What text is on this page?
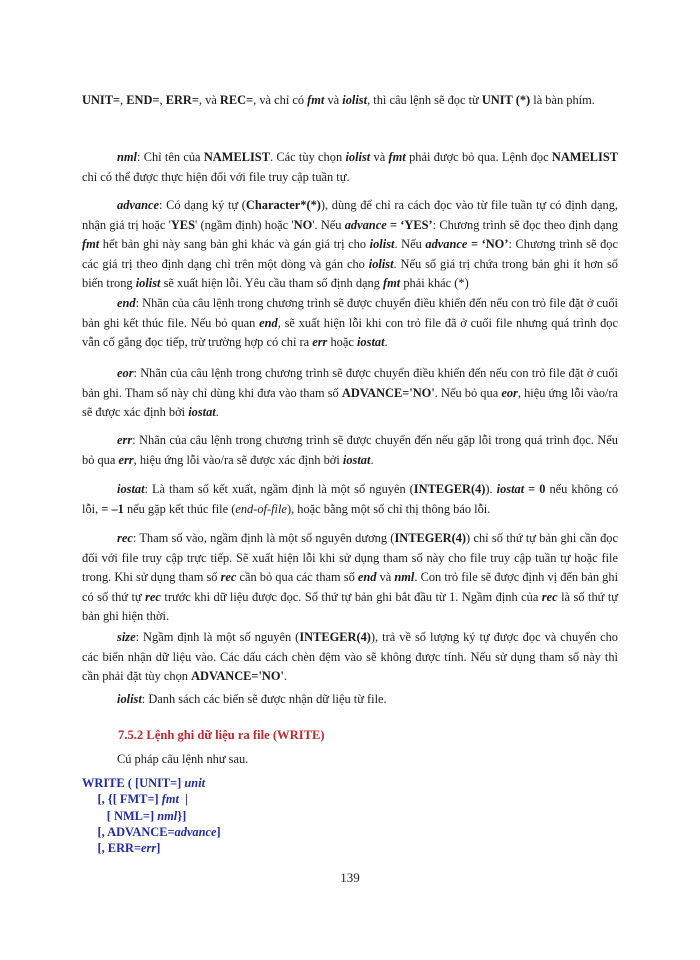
UNIT=, END=, ERR=, và REC=, và chỉ có fmt và iolist, thì câu lệnh sẽ đọc từ UNIT (*) là bàn phím.

nml: Chỉ tên của NAMELIST. Các tùy chọn iolist và fmt phải được bỏ qua. Lệnh đọc NAMELIST chỉ có thể được thực hiện đối với file truy cập tuần tự.

advance: Có dạng ký tự (Character*(*)), dùng để chỉ ra cách đọc vào từ file tuần tự có định dạng, nhận giá trị hoặc 'YES' (ngầm định) hoặc 'NO'. Nếu advance = ‘YES’: Chương trình sẽ đọc theo định dạng fmt hết bản ghi này sang bản ghi khác và gán giá trị cho iolist. Nếu advance = ‘NO’: Chương trình sẽ đọc các giá trị theo định dạng chỉ trên một dòng và gán cho iolist. Nếu số giá trị chứa trong bản ghi ít hơn số biến trong iolist sẽ xuất hiện lỗi. Yêu cầu tham số định dạng fmt phải khác (*)

end: Nhãn của câu lệnh trong chương trình sẽ được chuyển điều khiển đến nếu con trỏ file đặt ở cuối bản ghi kết thúc file. Nếu bỏ quan end, sẽ xuất hiện lỗi khi con trỏ file đã ở cuối file nhưng quá trình đọc vẫn cố gắng đọc tiếp, trừ trường hợp có chỉ ra err hoặc iostat.

eor: Nhãn của câu lệnh trong chương trình sẽ được chuyển điều khiển đến nếu con trỏ file đặt ở cuối bản ghi. Tham số này chỉ dùng khi đưa vào tham số ADVANCE='NO'. Nếu bỏ qua eor, hiệu ứng lỗi vào/ra sẽ được xác định bởi iostat.

err: Nhãn của câu lệnh trong chương trình sẽ được chuyển đến nếu gặp lỗi trong quá trình đọc. Nếu bỏ qua err, hiệu ứng lỗi vào/ra sẽ được xác định bởi iostat.

iostat: Là tham số kết xuất, ngầm định là một số nguyên (INTEGER(4)). iostat = 0 nếu không có lỗi, = –1 nếu gặp kết thúc file (end-of-file), hoặc bằng một số chỉ thị thông báo lỗi.

rec: Tham số vào, ngầm định là một số nguyên dương (INTEGER(4)) chỉ số thứ tự bản ghi cần đọc đối với file truy cập trực tiếp. Sẽ xuất hiện lỗi khi sử dụng tham số này cho file truy cập tuần tự hoặc file trong. Khi sử dụng tham số rec cần bỏ qua các tham số end và nml. Con trỏ file sẽ được định vị đến bản ghi có số thứ tự rec trước khi dữ liệu được đọc. Số thứ tự bản ghi bắt đầu từ 1. Ngầm định của rec là số thứ tự bản ghi hiện thời.

size: Ngầm định là một số nguyên (INTEGER(4)), trả về số lượng ký tự được đọc và chuyển cho các biến nhận dữ liệu vào. Các dấu cách chèn đệm vào sẽ không được tính. Nếu sử dụng tham số này thì cần phải đặt tùy chọn ADVANCE='NO'.

iolist: Danh sách các biến sẽ được nhận dữ liệu từ file.

7.5.2 Lệnh ghi dữ liệu ra file (WRITE)

Cú pháp câu lệnh như sau.

WRITE ( [UNIT=] unit
[, {[ FMT=] fmt  |
[ NML=] nml}]
[, ADVANCE=advance]
[, ERR=err]
139
